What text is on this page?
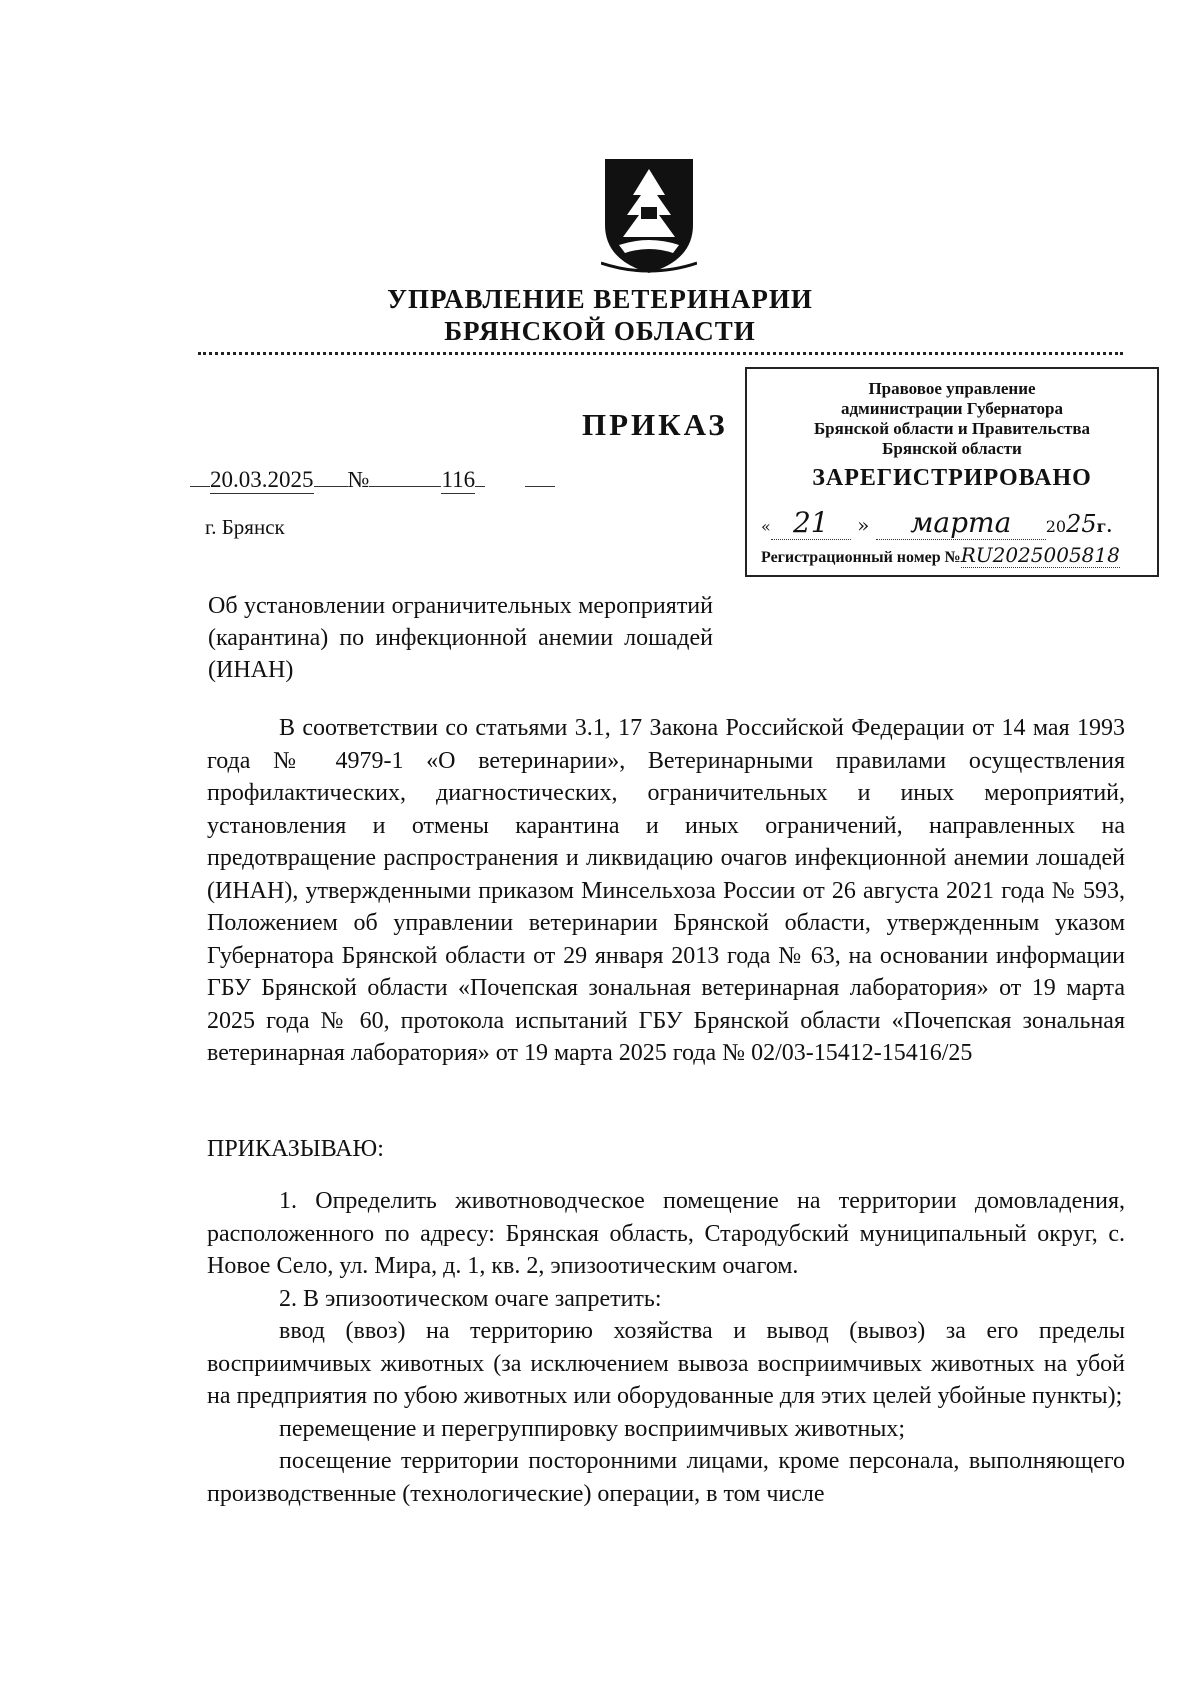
УПРАВЛЕНИЕ ВЕТЕРИНАРИИ
БРЯНСКОЙ ОБЛАСТИ
ПРИКАЗ
20.03.2025 №	116
г. Брянск
Правовое управление
администрации Губернатора
Брянской области и Правительства
Брянской области
ЗАРЕГИСТРИРОВАНО
« 21 » марта 2025г.
Регистрационный номер №RU2025005818
Об установлении ограничительных мероприятий (карантина) по инфекционной анемии лошадей (ИНАН)
В соответствии со статьями 3.1, 17 Закона Российской Федерации от 14 мая 1993 года № 4979-1 «О ветеринарии», Ветеринарными правилами осуществления профилактических, диагностических, ограничительных и иных мероприятий, установления и отмены карантина и иных ограничений, направленных на предотвращение распространения и ликвидацию очагов инфекционной анемии лошадей (ИНАН), утвержденными приказом Минсельхоза России от 26 августа 2021 года № 593, Положением об управлении ветеринарии Брянской области, утвержденным указом Губернатора Брянской области от 29 января 2013 года № 63, на основании информации ГБУ Брянской области «Почепская зональная ветеринарная лаборатория» от 19 марта 2025 года № 60, протокола испытаний ГБУ Брянской области «Почепская зональная ветеринарная лаборатория» от 19 марта 2025 года № 02/03-15412-15416/25
ПРИКАЗЫВАЮ:

1. Определить животноводческое помещение на территории домовладения, расположенного по адресу: Брянская область, Стародубский муниципальный округ, с. Новое Село, ул. Мира, д. 1, кв. 2, эпизоотическим очагом.

2. В эпизоотическом очаге запретить:

ввод (ввоз) на территорию хозяйства и вывод (вывоз) за его пределы восприимчивых животных (за исключением вывоза восприимчивых животных на убой на предприятия по убою животных или оборудованные для этих целей убойные пункты);

перемещение и перегруппировку восприимчивых животных;

посещение территории посторонними лицами, кроме персонала, выполняющего производственные (технологические) операции, в том числе
